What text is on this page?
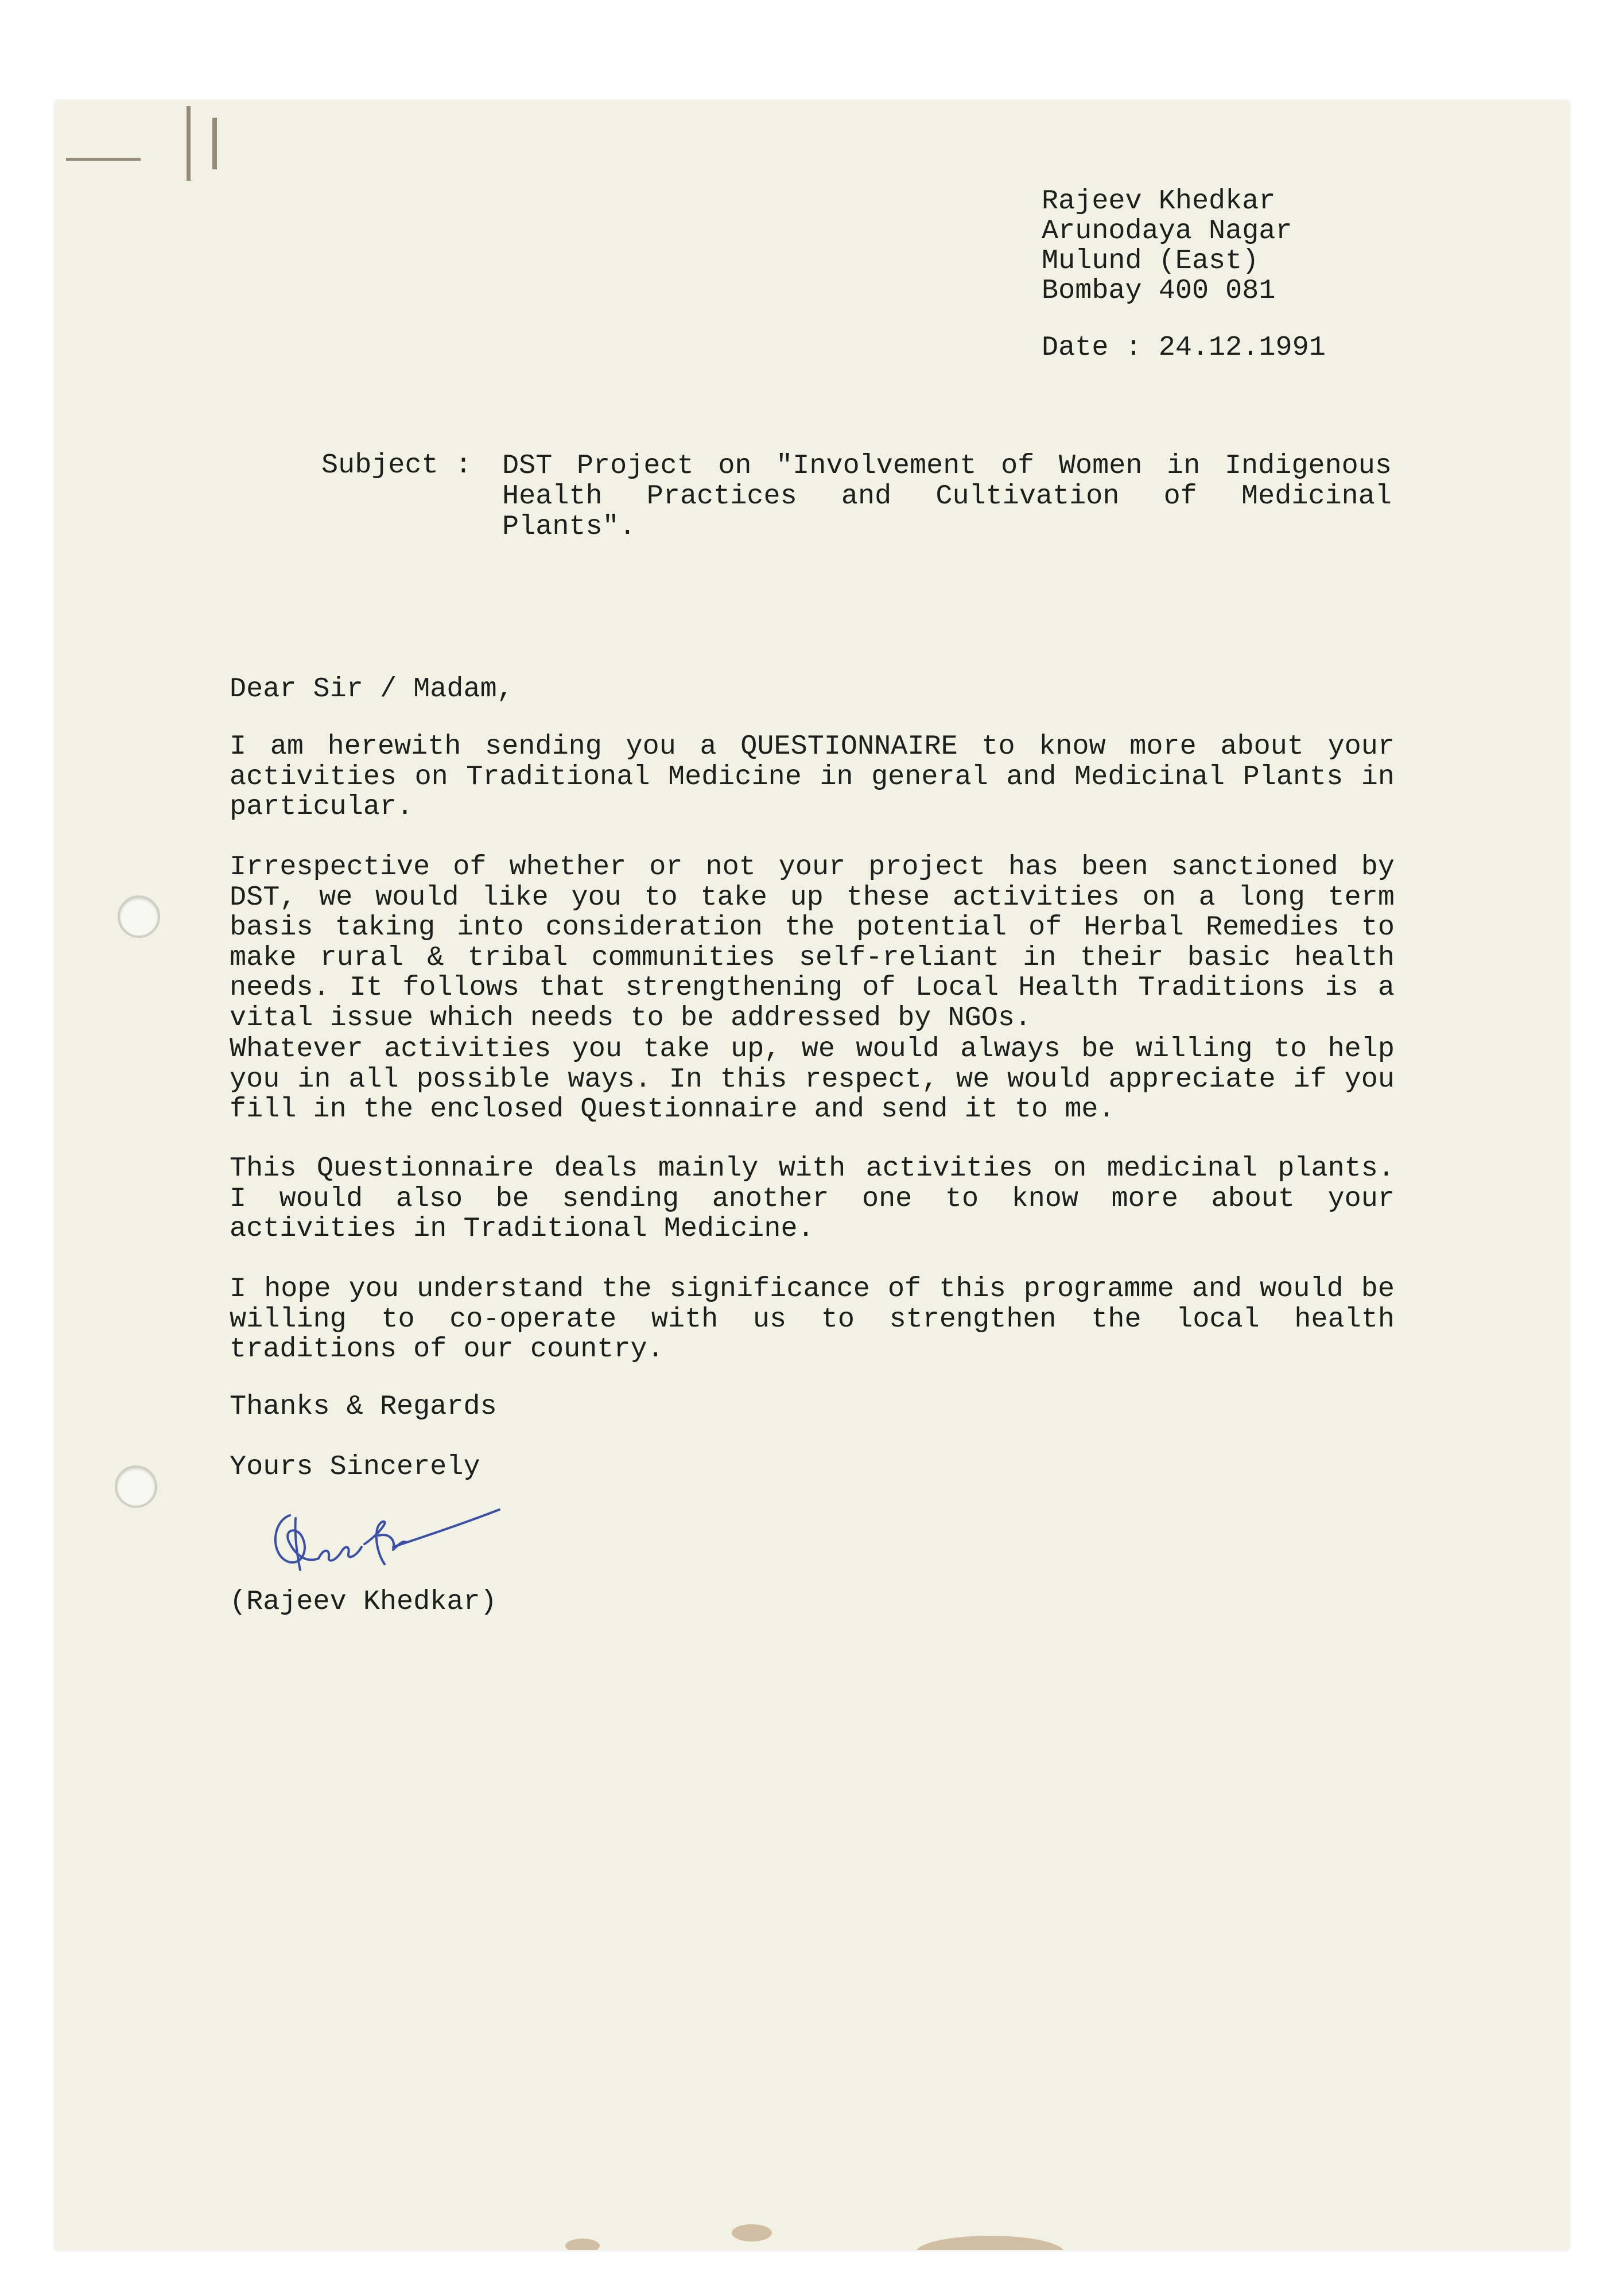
Rajeev Khedkar
Arunodaya Nagar
Mulund (East)
Bombay 400 081
Date : 24.12.1991
Subject : DST Project on "Involvement of Women in Indigenous Health Practices and Cultivation of Medicinal Plants".
Dear Sir / Madam,
I am herewith sending you a QUESTIONNAIRE to know more about your activities on Traditional Medicine in general and Medicinal Plants in particular.
Irrespective of whether or not your project has been sanctioned by DST, we would like you to take up these activities on a long term basis taking into consideration the potential of Herbal Remedies to make rural & tribal communities self-reliant in their basic health needs. It follows that strengthening of Local Health Traditions is a vital issue which needs to be addressed by NGOs.
Whatever activities you take up, we would always be willing to help you in all possible ways. In this respect, we would appreciate if you fill in the enclosed Questionnaire and send it to me.
This Questionnaire deals mainly with activities on medicinal plants. I would also be sending another one to know more about your activities in Traditional Medicine.
I hope you understand the significance of this programme and would be willing to co-operate with us to strengthen the local health traditions of our country.
Thanks & Regards
Yours Sincerely
(Rajeev Khedkar)
